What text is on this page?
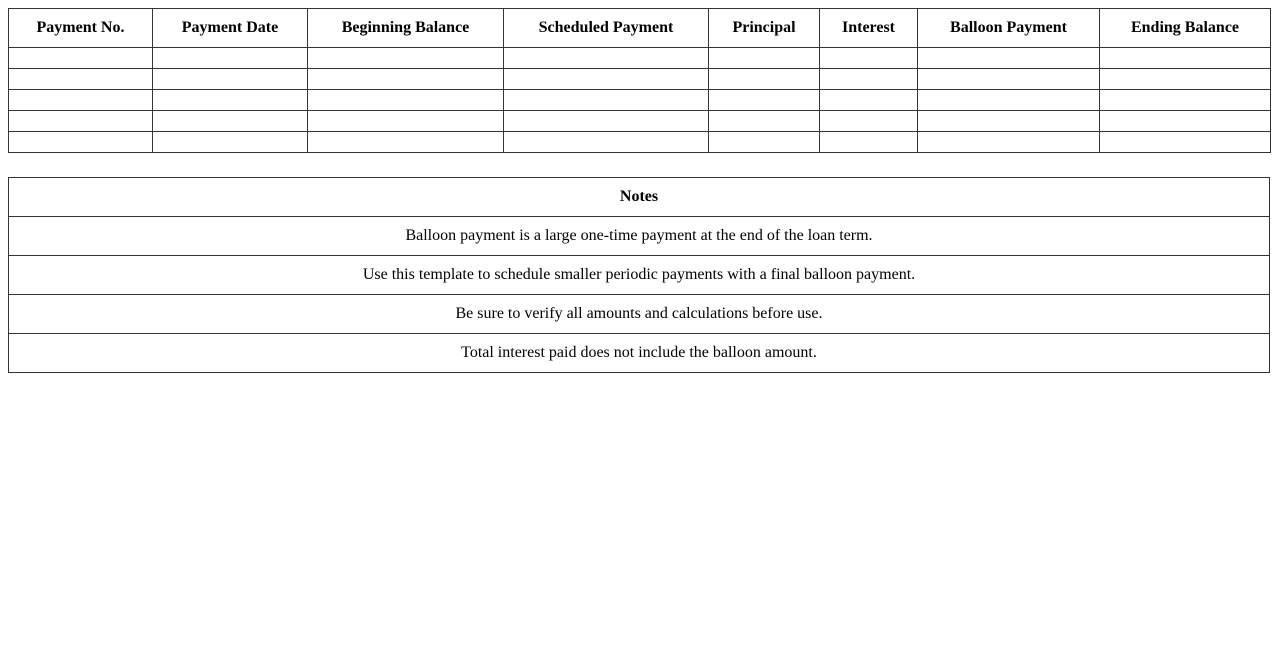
Payment No.	Payment Date	Beginning Balance	Scheduled Payment	Principal	Interest	Balloon Payment	Ending Balance

Notes
Balloon payment is a large one-time payment at the end of the loan term.
Use this template to schedule smaller periodic payments with a final balloon payment.
Be sure to verify all amounts and calculations before use.
Total interest paid does not include the balloon amount.
